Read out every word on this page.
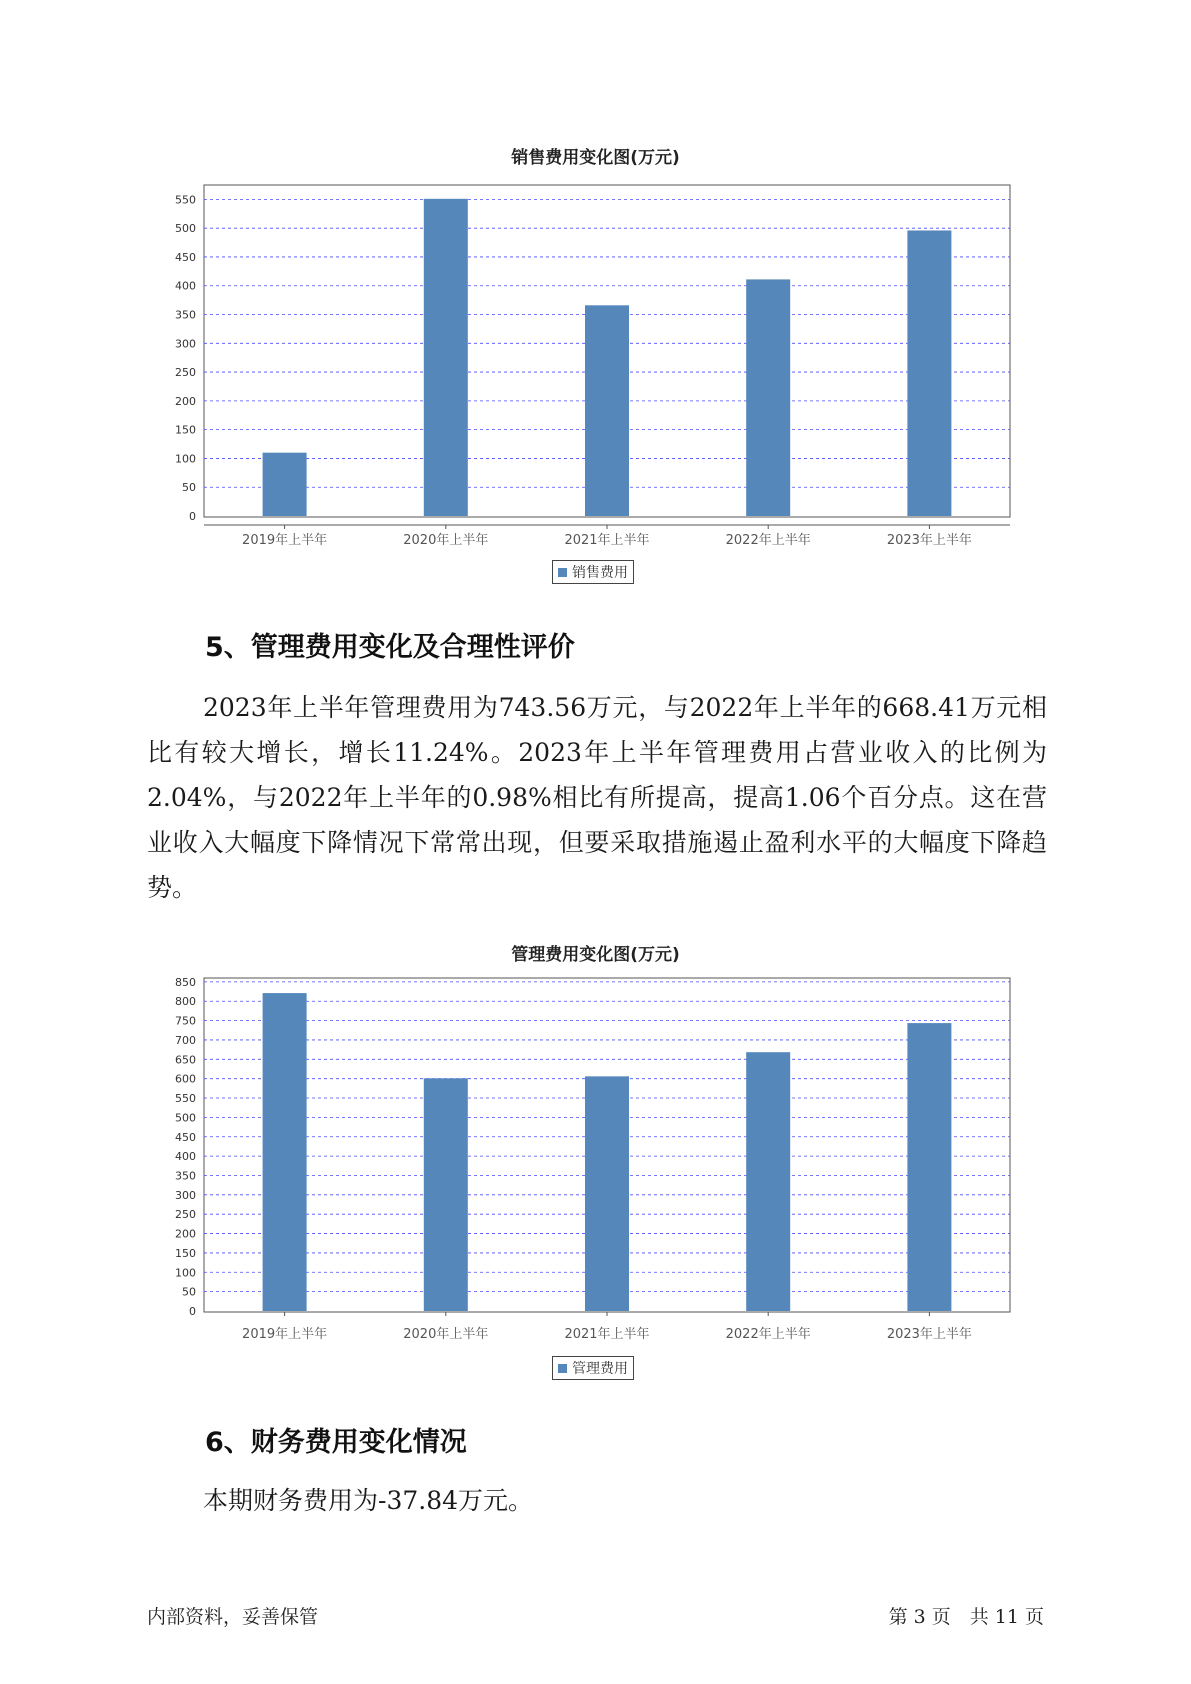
销售费用变化图(万元)
0
50
100
150
200
250
300
350
400
450
500
550
2019年上半年	2020年上半年	2021年上半年	2022年上半年	2023年上半年
销售费用
5、管理费用变化及合理性评价

2023年上半年管理费用为743.56万元，与2022年上半年的668.41万元相比有较大增长，增长11.24%。2023年上半年管理费用占营业收入的比例为2.04%，与2022年上半年的0.98%相比有所提高，提高1.06个百分点。这在营业收入大幅度下降情况下常常出现，但要采取措施遏止盈利水平的大幅度下降趋势。

管理费用变化图(万元)
0
50
100
150
200
250
300
350
400
450
500
550
600
650
700
750
800
850
2019年上半年	2020年上半年	2021年上半年	2022年上半年	2023年上半年
管理费用
6、财务费用变化情况

本期财务费用为-37.84万元。

内部资料，妥善保管	第 3 页　共 11 页
